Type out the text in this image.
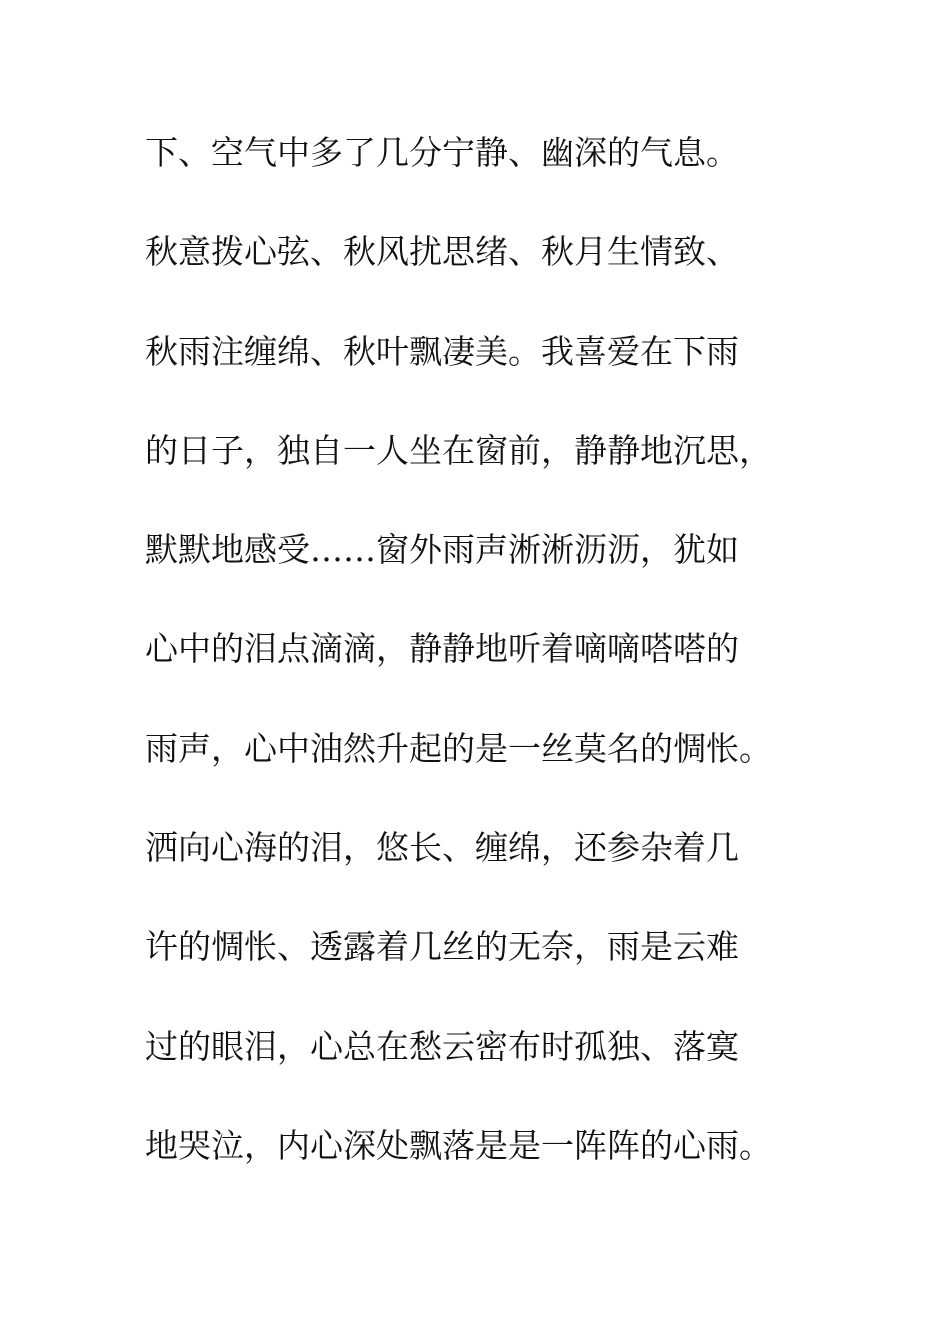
下、空气中多了几分宁静、幽深的气息。
秋意拨心弦、秋风扰思绪、秋月生情致、
秋雨注缠绵、秋叶飘凄美。我喜爱在下雨
的日子，独自一人坐在窗前，静静地沉思，
默默地感受……窗外雨声淅淅沥沥，犹如
心中的泪点滴滴，静静地听着嘀嘀嗒嗒的
雨声，心中油然升起的是一丝莫名的惆怅。
洒向心海的泪，悠长、缠绵，还参杂着几
许的惆怅、透露着几丝的无奈，雨是云难
过的眼泪，心总在愁云密布时孤独、落寞
地哭泣，内心深处飘落是是一阵阵的心雨。
